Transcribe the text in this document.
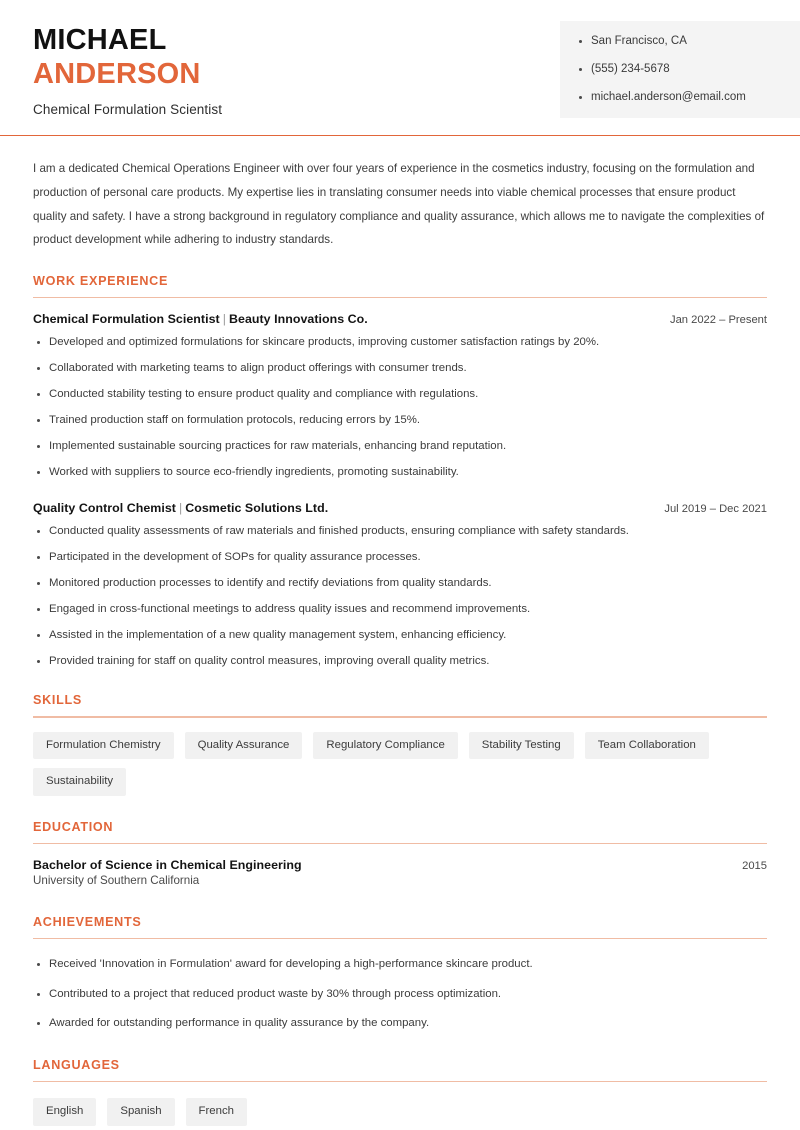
MICHAEL
ANDERSON
Chemical Formulation Scientist
San Francisco, CA
(555) 234-5678
michael.anderson@email.com

I am a dedicated Chemical Operations Engineer with over four years of experience in the cosmetics industry, focusing on the formulation and production of personal care products. My expertise lies in translating consumer needs into viable chemical processes that ensure product quality and safety. I have a strong background in regulatory compliance and quality assurance, which allows me to navigate the complexities of product development while adhering to industry standards.

WORK EXPERIENCE
Chemical Formulation Scientist | Beauty Innovations Co.	Jan 2022 – Present
Developed and optimized formulations for skincare products, improving customer satisfaction ratings by 20%.
Collaborated with marketing teams to align product offerings with consumer trends.
Conducted stability testing to ensure product quality and compliance with regulations.
Trained production staff on formulation protocols, reducing errors by 15%.
Implemented sustainable sourcing practices for raw materials, enhancing brand reputation.
Worked with suppliers to source eco-friendly ingredients, promoting sustainability.
Quality Control Chemist | Cosmetic Solutions Ltd.	Jul 2019 – Dec 2021
Conducted quality assessments of raw materials and finished products, ensuring compliance with safety standards.
Participated in the development of SOPs for quality assurance processes.
Monitored production processes to identify and rectify deviations from quality standards.
Engaged in cross-functional meetings to address quality issues and recommend improvements.
Assisted in the implementation of a new quality management system, enhancing efficiency.
Provided training for staff on quality control measures, improving overall quality metrics.
SKILLS
Formulation Chemistry	Quality Assurance	Regulatory Compliance	Stability Testing	Team Collaboration
Sustainability
EDUCATION
Bachelor of Science in Chemical Engineering	2015
University of Southern California
ACHIEVEMENTS
Received 'Innovation in Formulation' award for developing a high-performance skincare product.
Contributed to a project that reduced product waste by 30% through process optimization.
Awarded for outstanding performance in quality assurance by the company.
LANGUAGES
English	Spanish	French
